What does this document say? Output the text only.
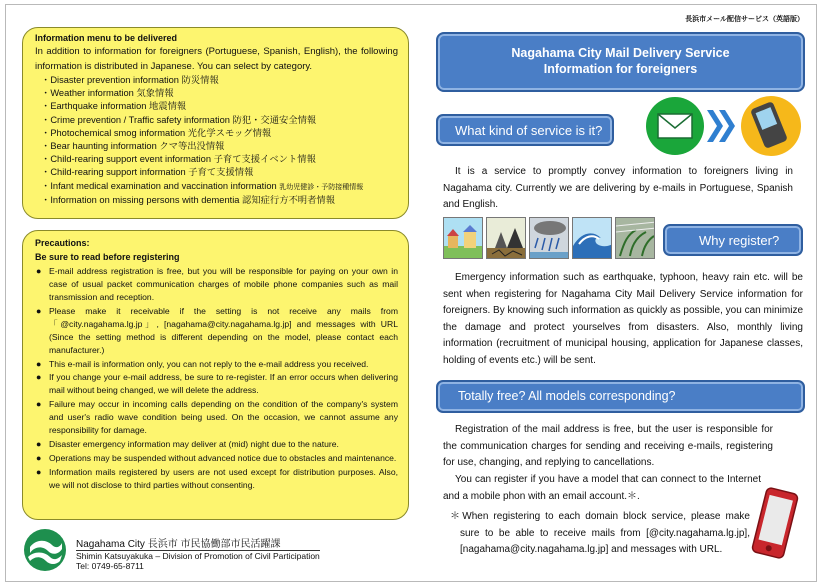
Information menu to be delivered
In addition to information for foreigners (Portuguese, Spanish, English), the following information is distributed in Japanese. You can select by category.
・ Disaster prevention information 防災情報
・ Weather information 気象情報
・ Earthquake information 地震情報
・ Crime prevention / Traffic safety information 防犯・交通安全情報
・ Photochemical smog information 光化学スモッグ情報
・ Bear haunting information クマ等出没情報
・ Child-rearing support event information 子育て支援イベント情報
・ Child-rearing support information 子育て支援情報
・ Infant medical examination and vaccination information 乳幼児健診・予防接種情報
・ Information on missing persons with dementia 認知症行方不明者情報
Precautions:
Be sure to read before registering
● E-mail address registration is free, but you will be responsible for paying on your own in case of usual packet communication charges of mobile phone companies such as mail transmission and reception.
● Please make it receivable if the setting is not receive any mails from 「@city.nagahama.lg.jp」, [nagahama@city.nagahama.lg.jp] and messages with URL (Since the setting method is different depending on the model, please contact each manufacturer.)
● This e-mail is information only, you can not reply to the e-mail address you received.
● If you change your e-mail address, be sure to re-register. If an error occurs when delivering mail without being changed, we will delete the address.
● Failure may occur in incoming calls depending on the condition of the company's system and user's radio wave condition being used. On the occasion, we cannot assume any responsibility for damage.
● Disaster emergency information may deliver at (mid) night due to the nature.
● Operations may be suspended without advanced notice due to obstacles and maintenance.
● Information mails registered by users are not used except for distribution purposes. Also, we will not disclose to third parties without consenting.
Nagahama City 長浜市 市民協働部市民活躍課
Shimin Katsuyakuka – Division of Promotion of Civil Participation
Tel: 0749-65-8711
長浜市メール配信サービス（英語版）
Nagahama City Mail Delivery Service
Information for foreigners
What kind of service is it?
It is a service to promptly convey information to foreigners living in Nagahama city. Currently we are delivering by e-mails in Portuguese, Spanish and English.
Why register?
Emergency information such as earthquake, typhoon, heavy rain etc. will be sent when registering for Nagahama City Mail Delivery Service information for foreigners. By knowing such information as quickly as possible, you can minimize the damage and protect yourselves from disasters. Also, monthly living information (recruitment of municipal housing, application for Japanese classes, holding of events etc.) will be sent.
Totally free? All models corresponding?
Registration of the mail address is free, but the user is responsible for the communication charges for sending and receiving e-mails, registering for use, changing, and replying to cancellations.
You can register if you have a model that can connect to the Internet and a mobile phon with an email account.＊.
＊When registering to each domain block service, please make sure to be able to receive mails from [@city.nagahama.lg.jp], [nagahama@city.nagahama.lg.jp] and messages with URL.
